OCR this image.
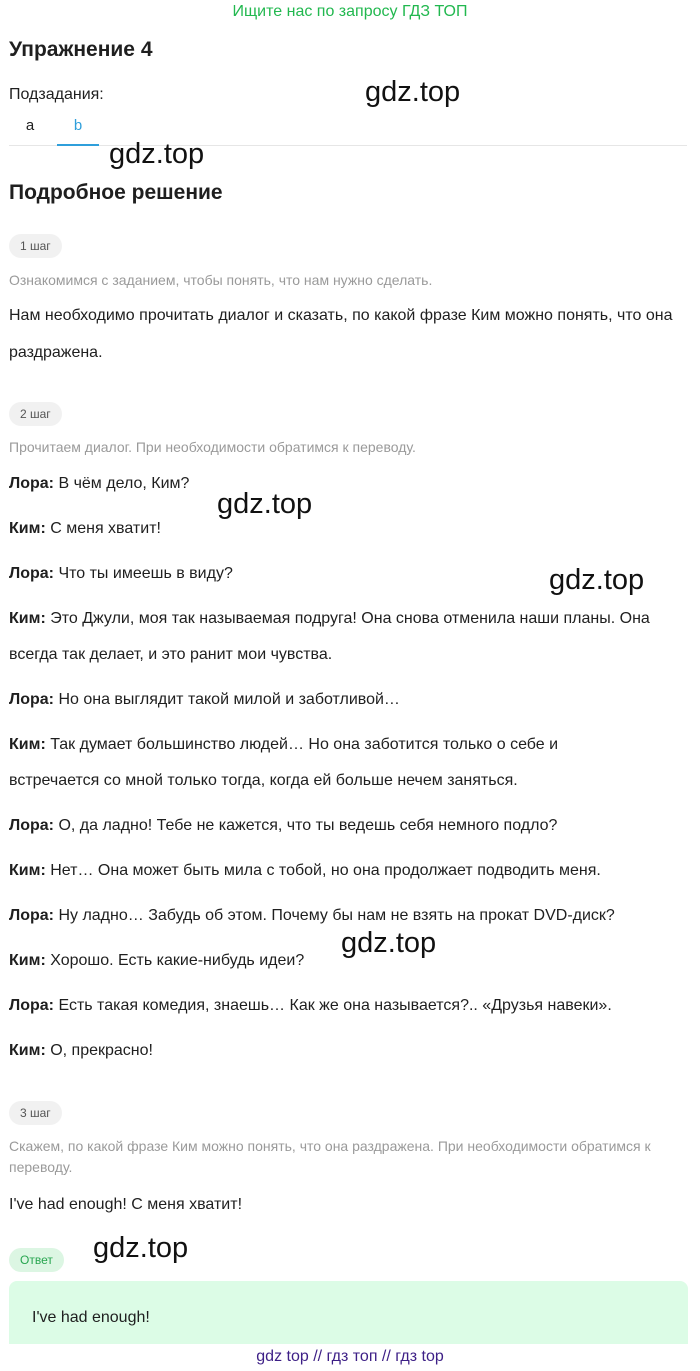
Ищите нас по запросу ГДЗ ТОП
Упражнение 4
Подзадания:
a	b
Подробное решение
1 шаг
Ознакомимся с заданием, чтобы понять, что нам нужно сделать.
Нам необходимо прочитать диалог и сказать, по какой фразе Ким можно понять, что она раздражена.
2 шаг
Прочитаем диалог. При необходимости обратимся к переводу.
Лора: В чём дело, Ким?
Ким: С меня хватит!
Лора: Что ты имеешь в виду?
Ким: Это Джули, моя так называемая подруга! Она снова отменила наши планы. Она всегда так делает, и это ранит мои чувства.
Лора: Но она выглядит такой милой и заботливой…
Ким: Так думает большинство людей… Но она заботится только о себе и встречается со мной только тогда, когда ей больше нечем заняться.
Лора: О, да ладно! Тебе не кажется, что ты ведешь себя немного подло?
Ким: Нет… Она может быть мила с тобой, но она продолжает подводить меня.
Лора: Ну ладно… Забудь об этом. Почему бы нам не взять на прокат DVD-диск?
Ким: Хорошо. Есть какие-нибудь идеи?
Лора: Есть такая комедия, знаешь… Как же она называется?.. «Друзья навеки».
Ким: О, прекрасно!
3 шаг
Скажем, по какой фразе Ким можно понять, что она раздражена. При необходимости обратимся к переводу.
I've had enough! С меня хватит!
Ответ
I've had enough!
gdz.top
gdz.top
gdz.top
gdz.top
gdz.top
gdz.top
gdz top // гдз топ // гдз top
